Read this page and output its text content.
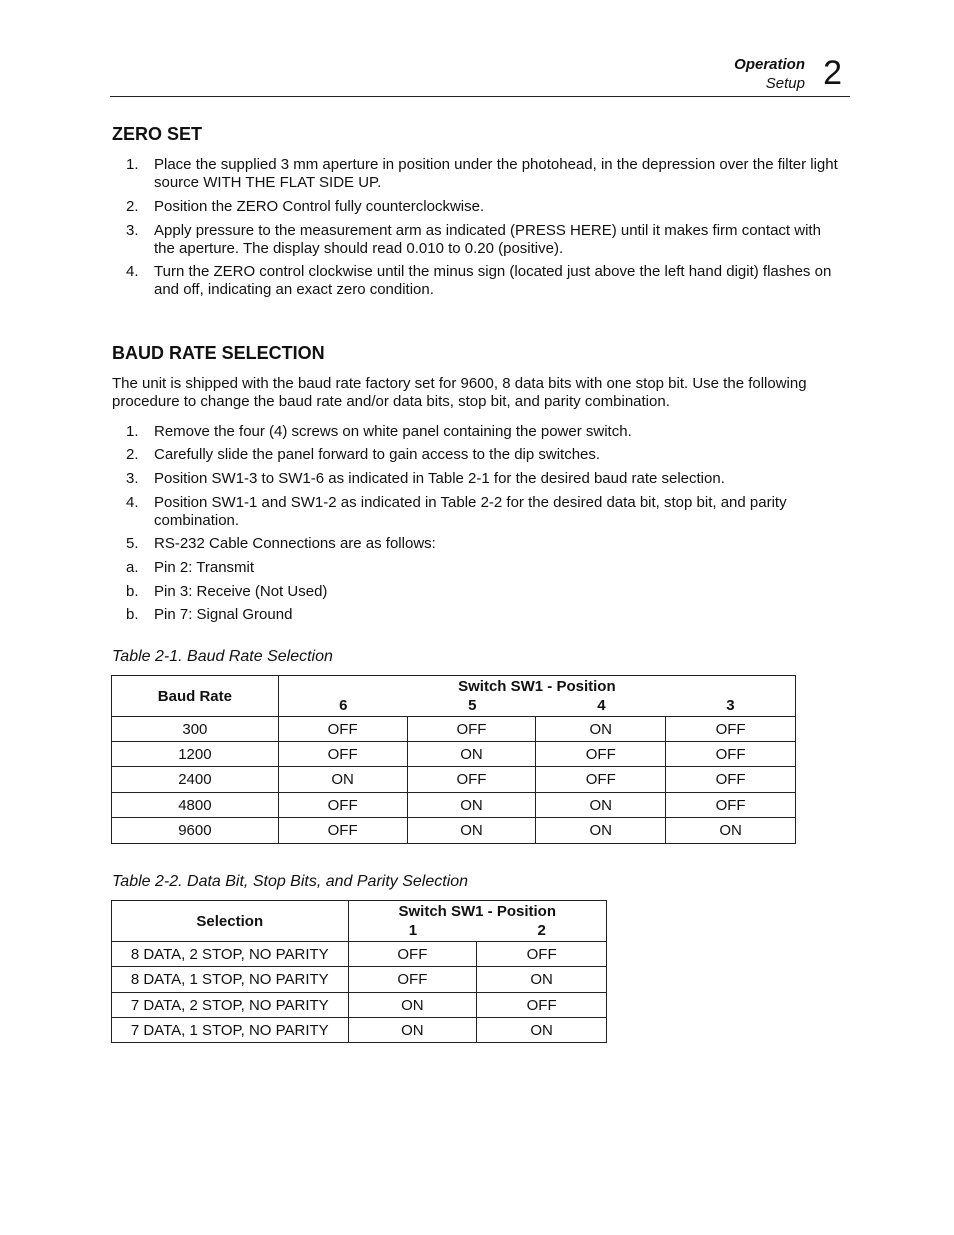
Operation
Setup 2
ZERO SET
1. Place the supplied 3 mm aperture in position under the photohead, in the depression over the filter light source WITH THE FLAT SIDE UP.
2. Position the ZERO Control fully counterclockwise.
3. Apply pressure to the measurement arm as indicated (PRESS HERE) until it makes firm contact with the aperture. The display should read 0.010 to 0.20 (positive).
4. Turn the ZERO control clockwise until the minus sign (located just above the left hand digit) flashes on and off, indicating an exact zero condition.
BAUD RATE SELECTION
The unit is shipped with the baud rate factory set for 9600, 8 data bits with one stop bit. Use the following procedure to change the baud rate and/or data bits, stop bit, and parity combination.
1. Remove the four (4) screws on white panel containing the power switch.
2. Carefully slide the panel forward to gain access to the dip switches.
3. Position SW1-3 to SW1-6 as indicated in Table 2-1 for the desired baud rate selection.
4. Position SW1-1 and SW1-2 as indicated in Table 2-2 for the desired data bit, stop bit, and parity combination.
5. RS-232 Cable Connections are as follows:
a. Pin 2: Transmit
b. Pin 3: Receive (Not Used)
b. Pin 7: Signal Ground
Table 2-1. Baud Rate Selection
Baud Rate	Switch SW1 - Position
6 5 4 3			

300	OFF	OFF	ON	OFF
1200	OFF	ON	OFF	OFF
2400	ON	OFF	OFF	OFF
4800	OFF	ON	ON	OFF
9600	OFF	ON	ON	ON
Table 2-2. Data Bit, Stop Bits, and Parity Selection
Selection	Switch SW1 - Position
1 2	

8 DATA, 2 STOP, NO PARITY	OFF	OFF
8 DATA, 1 STOP, NO PARITY	OFF	ON
7 DATA, 2 STOP, NO PARITY	ON	OFF
7 DATA, 1 STOP, NO PARITY	ON	ON
